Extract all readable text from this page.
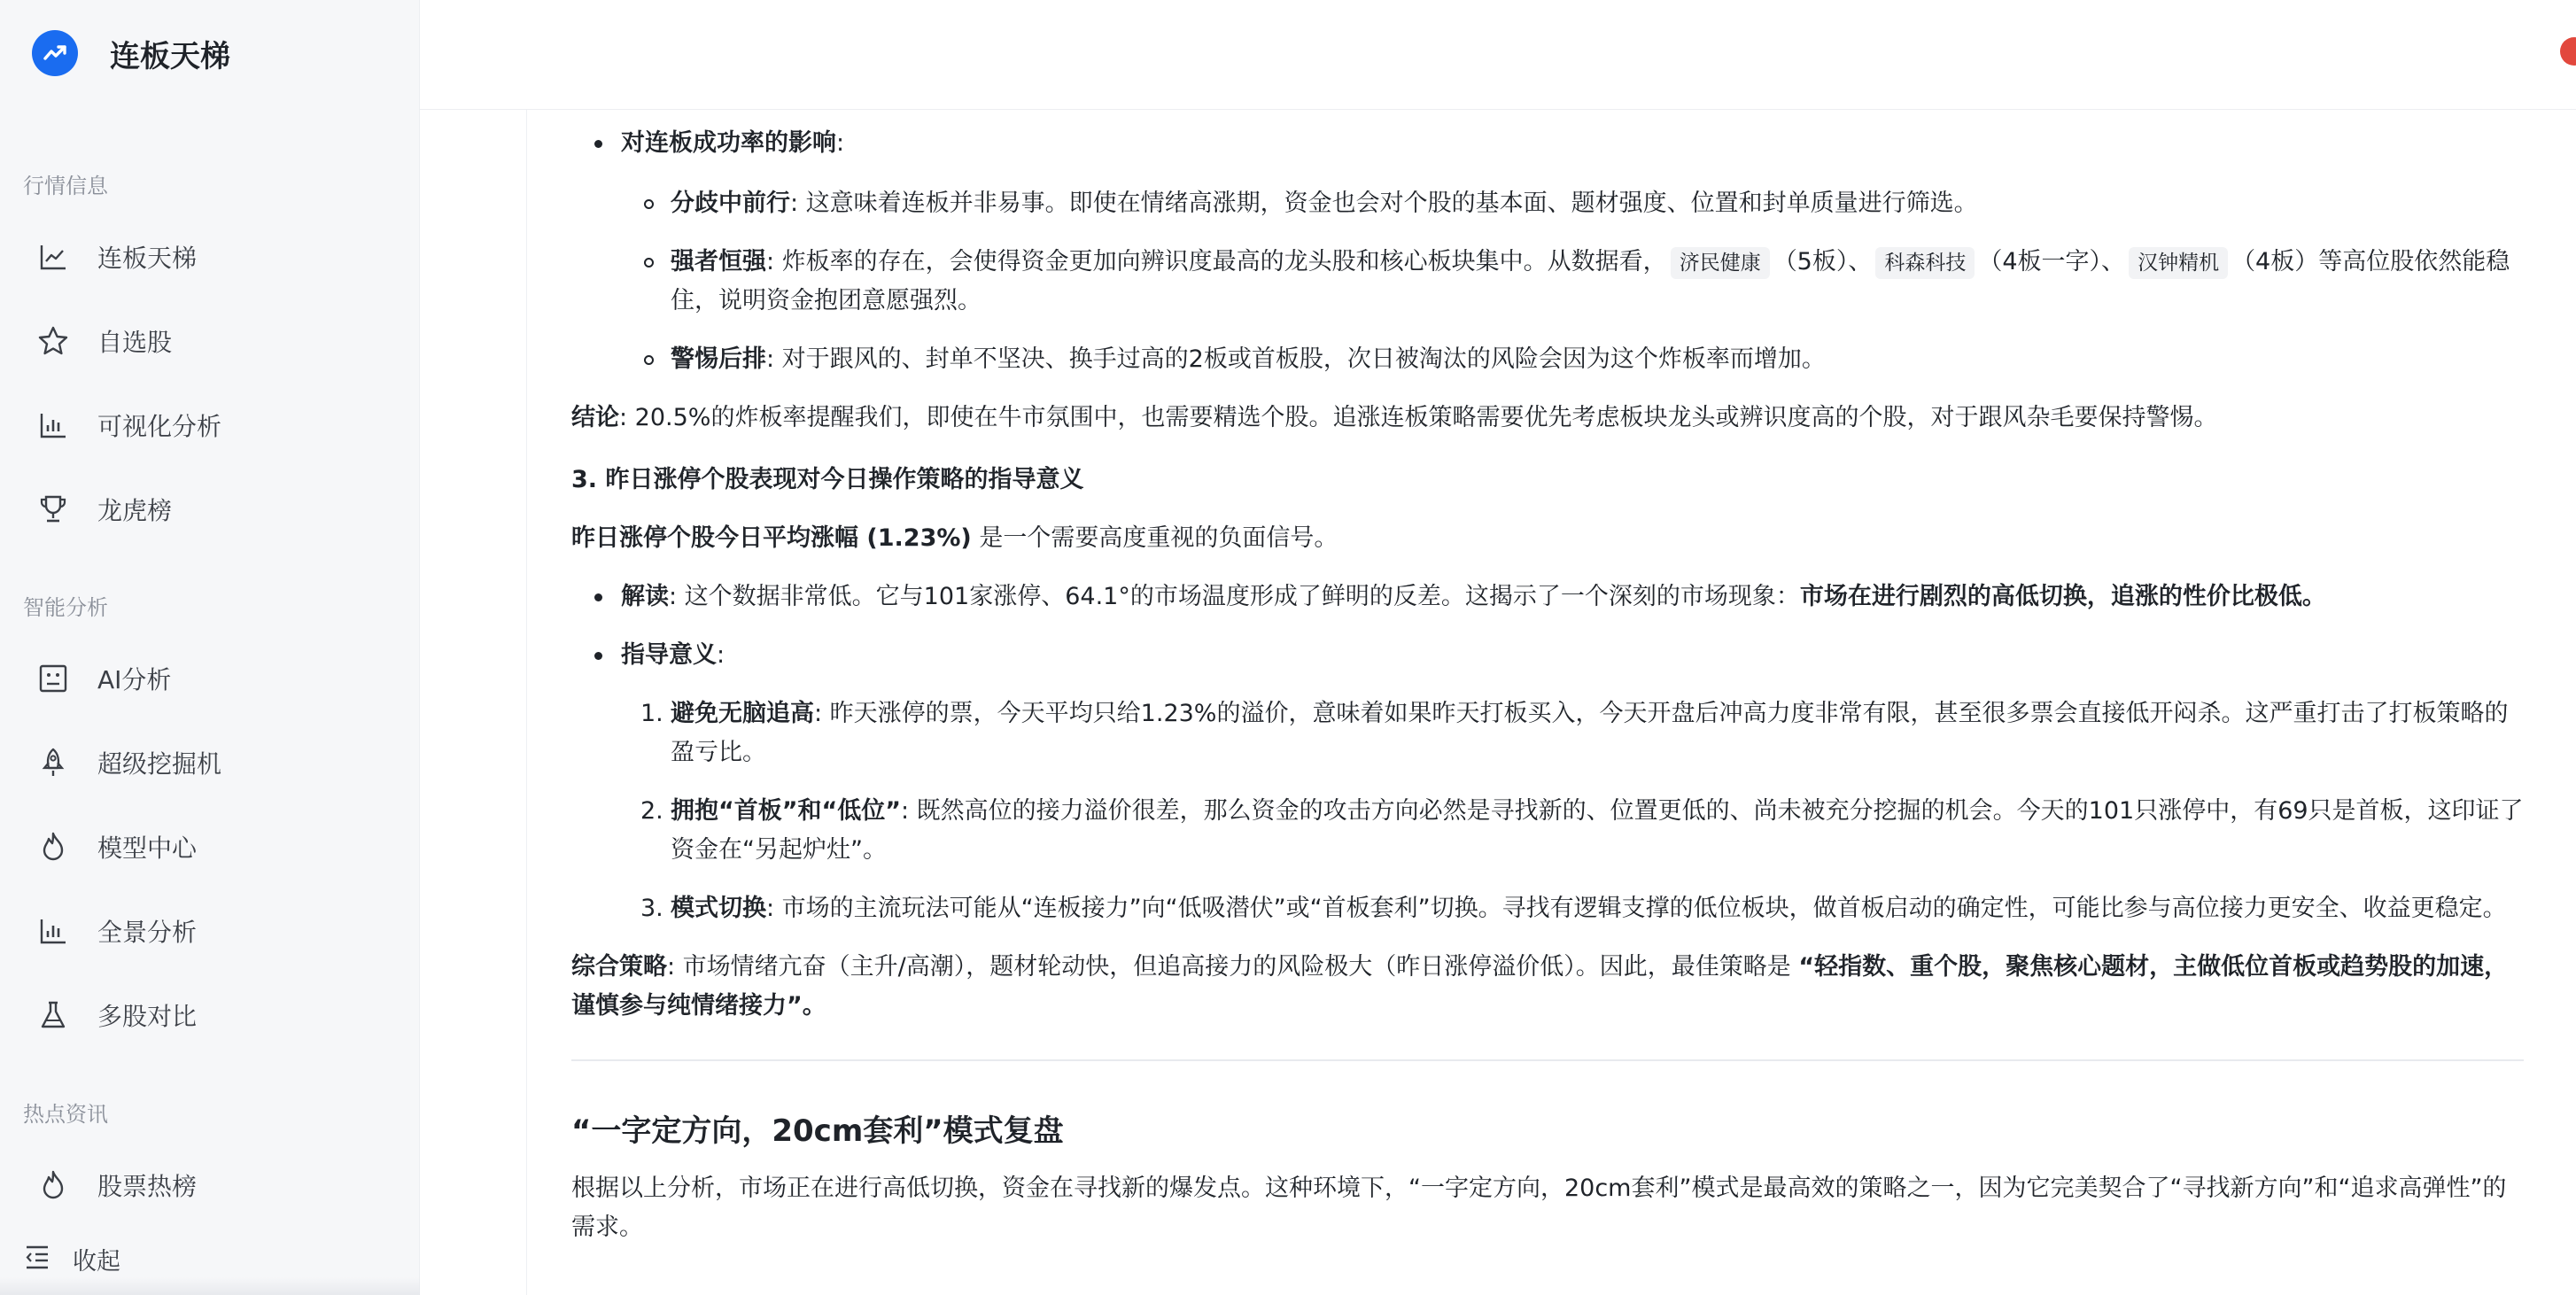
连板天梯
行情信息
连板天梯
自选股
可视化分析
龙虎榜
智能分析
AI分析
超级挖掘机
模型中心
全景分析
多股对比
热点资讯
股票热榜
收起
对连板成功率的影响:
分歧中前行: 这意味着连板并非易事。即使在情绪高涨期，资金也会对个股的基本面、题材强度、位置和封单质量进行筛选。
强者恒强: 炸板率的存在，会使得资金更加向辨识度最高的龙头股和核心板块集中。从数据看， 济民健康 （5板）、 科森科技 （4板一字）、 汉钟精机 （4板）等高位股依然能稳住，说明资金抱团意愿强烈。
警惕后排: 对于跟风的、封单不坚决、换手过高的2板或首板股，次日被淘汰的风险会因为这个炸板率而增加。
结论: 20.5%的炸板率提醒我们，即使在牛市氛围中，也需要精选个股。追涨连板策略需要优先考虑板块龙头或辨识度高的个股，对于跟风杂毛要保持警惕。
3. 昨日涨停个股表现对今日操作策略的指导意义
昨日涨停个股今日平均涨幅 (1.23%) 是一个需要高度重视的负面信号。
解读: 这个数据非常低。它与101家涨停、64.1°的市场温度形成了鲜明的反差。这揭示了一个深刻的市场现象：市场在进行剧烈的高低切换，追涨的性价比极低。
指导意义:
1. 避免无脑追高: 昨天涨停的票，今天平均只给1.23%的溢价，意味着如果昨天打板买入，今天开盘后冲高力度非常有限，甚至很多票会直接低开闷杀。这严重打击了打板策略的盈亏比。
2. 拥抱“首板”和“低位”: 既然高位的接力溢价很差，那么资金的攻击方向必然是寻找新的、位置更低的、尚未被充分挖掘的机会。今天的101只涨停中，有69只是首板，这印证了资金在“另起炉灶”。
3. 模式切换: 市场的主流玩法可能从“连板接力”向“低吸潜伏”或“首板套利”切换。寻找有逻辑支撑的低位板块，做首板启动的确定性，可能比参与高位接力更安全、收益更稳定。
综合策略: 市场情绪亢奋（主升/高潮），题材轮动快，但追高接力的风险极大（昨日涨停溢价低）。因此，最佳策略是 “轻指数、重个股，聚焦核心题材，主做低位首板或趋势股的加速，谨慎参与纯情绪接力”。
“一字定方向，20cm套利”模式复盘
根据以上分析，市场正在进行高低切换，资金在寻找新的爆发点。这种环境下，“一字定方向，20cm套利”模式是最高效的策略之一，因为它完美契合了“寻找新方向”和“追求高弹性”的需求。
